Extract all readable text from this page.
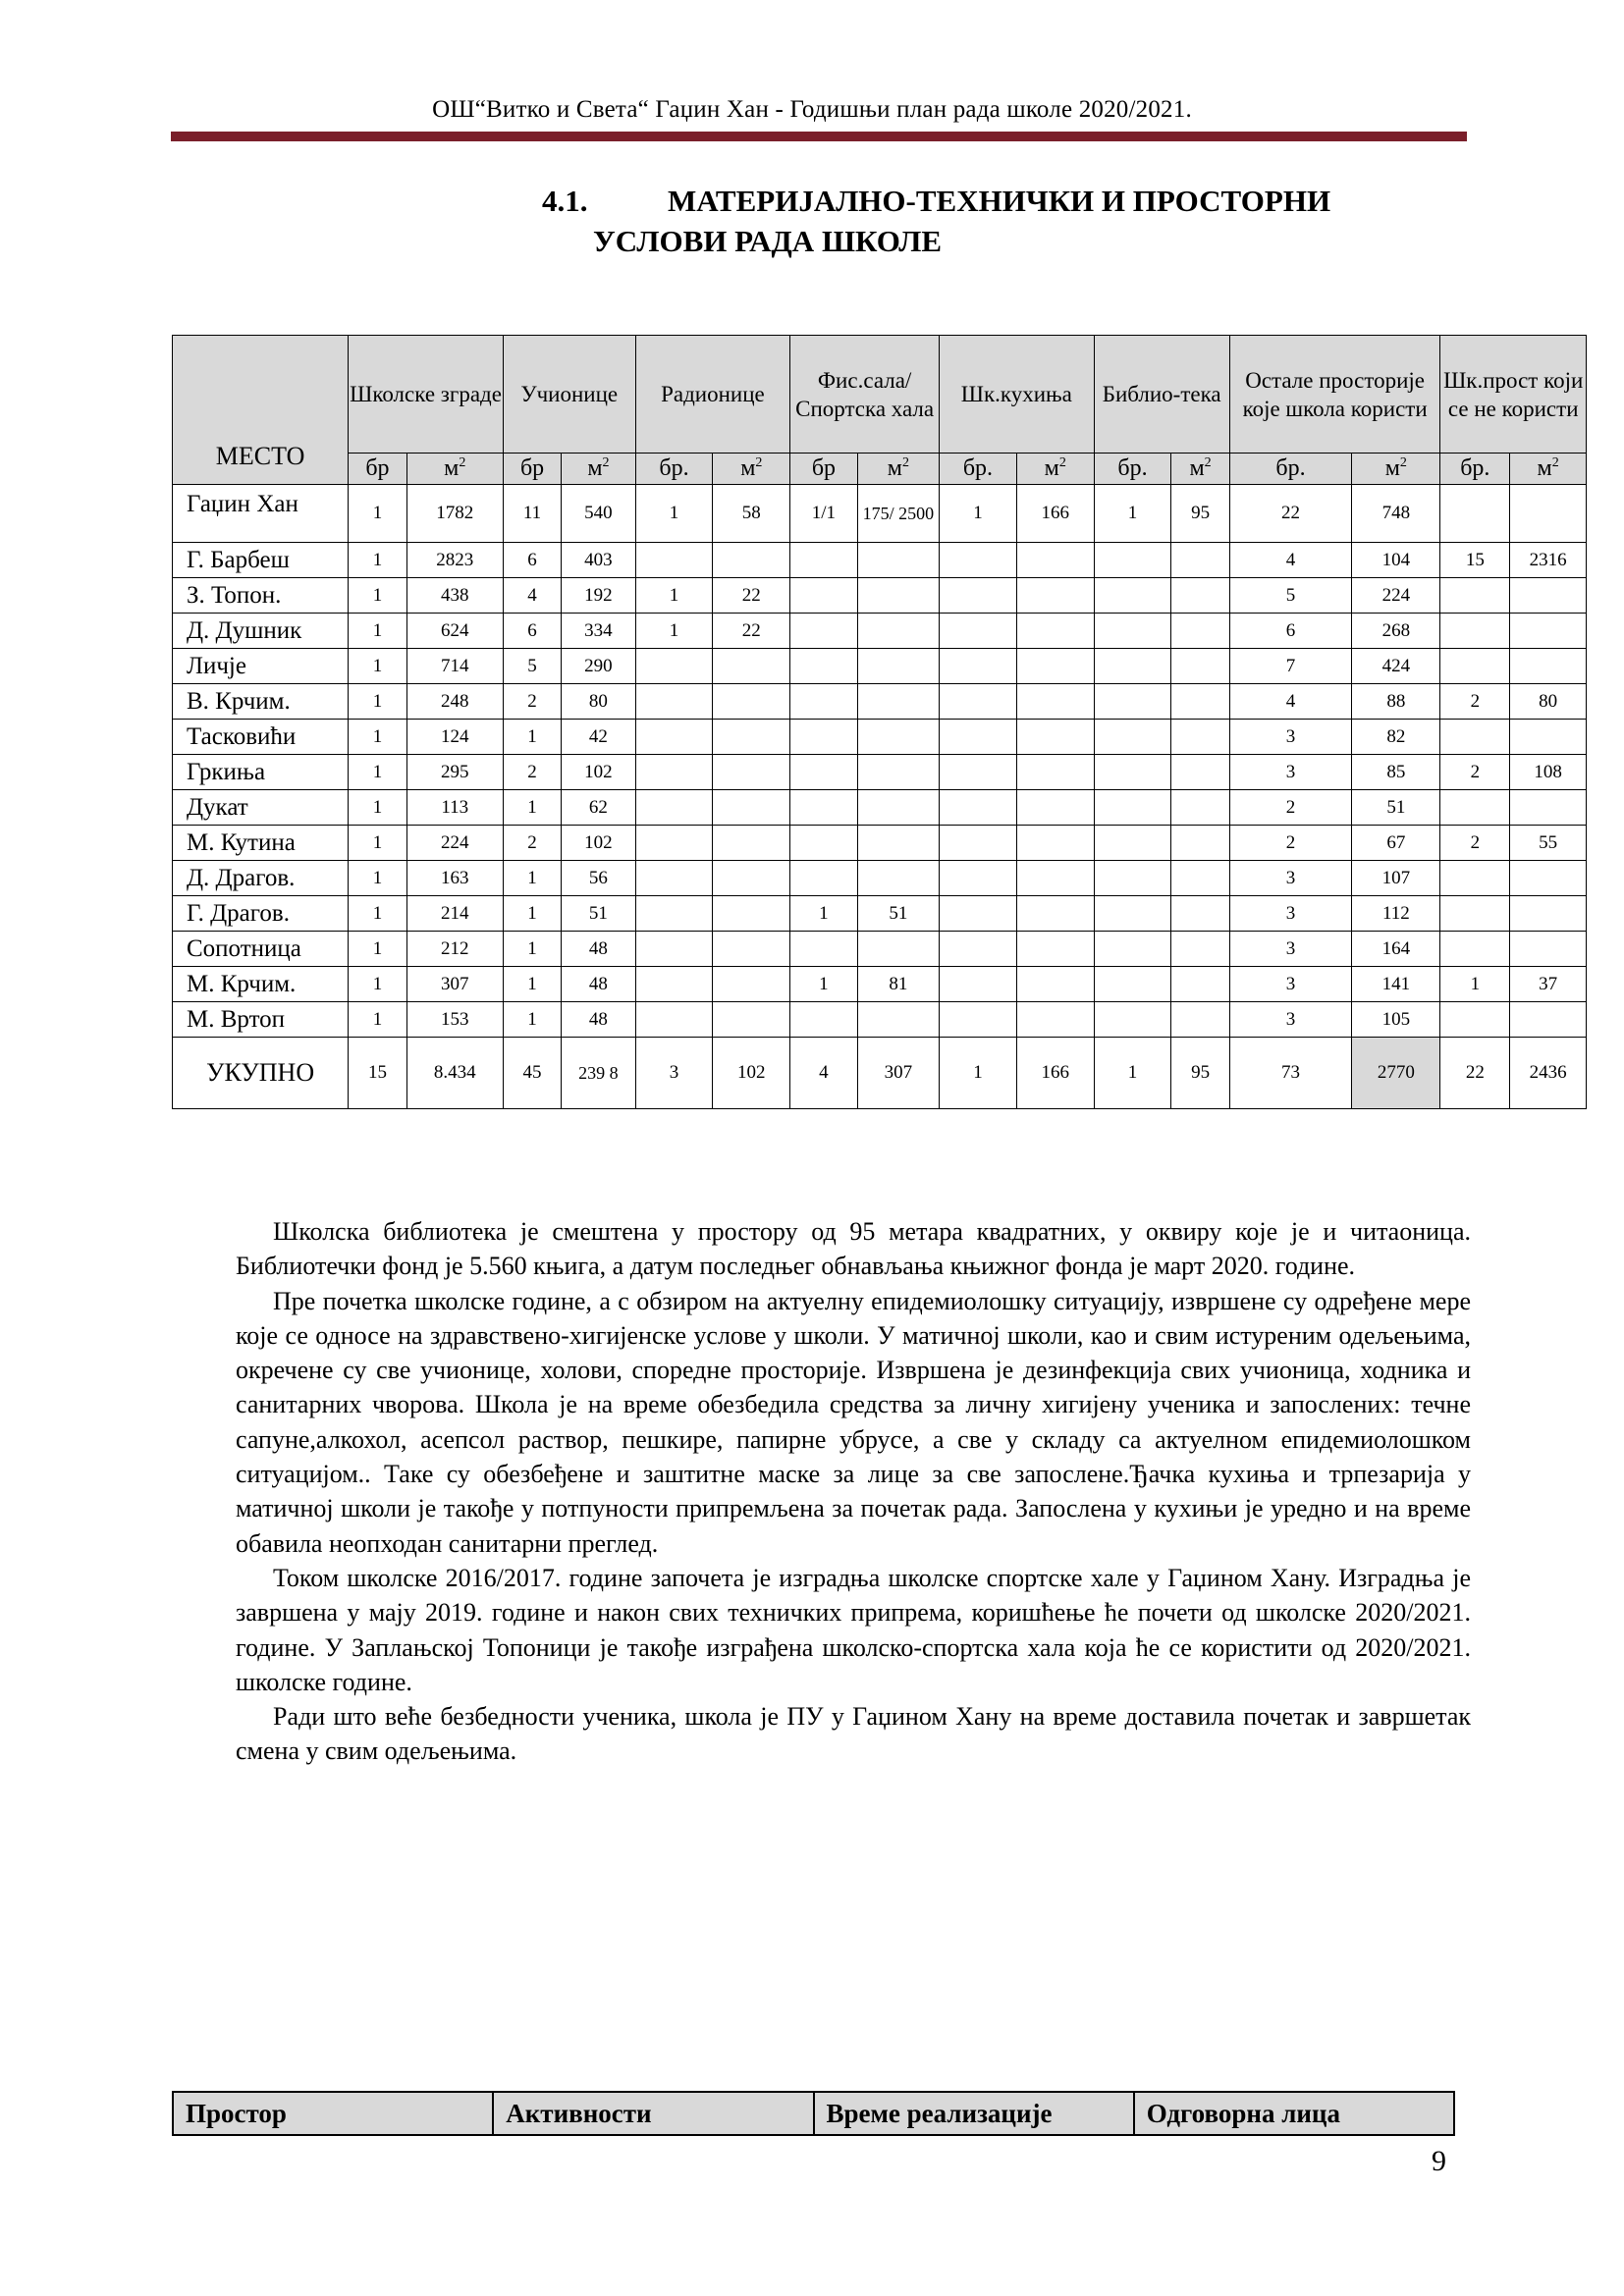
ОШ“Витко и Света“ Гаџин Хан - Годишњи план рада школе 2020/2021.
4.1.	МАТЕРИЈАЛНО-ТЕХНИЧКИ И ПРОСТОРНИ
УСЛОВИ РАДА ШКОЛЕ
МЕСТО	Школске зграде		Учионице		Радионице		Фис.сала/ Спортска хала		Шк.кухиња		Библио-тека		Остале просторије које школа користи		Шк.прост који се не користи	
	бр	$м^2$	бр	$м^2$	бр.	$м^2$	бр	$м^2$	бр.	$м^2$	бр.	$м^2$	бр.	$м^2$	бр.	$м^2$
Гаџин Хан	1	1782	11	540	1	58	1/1	175/ 2500	1	166	1	95	22	748		
Г. Барбеш	1	2823	6	403									4	104	15	2316
З. Топон.	1	438	4	192	1	22							5	224		
Д. Душник	1	624	6	334	1	22							6	268		
Личје	1	714	5	290									7	424		
В. Крчим.	1	248	2	80									4	88	2	80
Тасковићи	1	124	1	42									3	82		
Гркиња	1	295	2	102									3	85	2	108
Дукат	1	113	1	62									2	51		
М. Кутина	1	224	2	102									2	67	2	55
Д. Драгов.	1	163	1	56									3	107		
Г. Драгов.	1	214	1	51			1	51					3	112		
Сопотница	1	212	1	48									3	164		
М. Крчим.	1	307	1	48			1	81					3	141	1	37
М. Вртоп	1	153	1	48									3	105		
УКУПНО	15	8.434	45	239 8	3	102	4	307	1	166	1	95	73	2770	22	2436

Школска библиотека је смештена у простору од 95 метара квадратних, у оквиру које је и читаоница. Библиотечки фонд је 5.560 књига, а датум последњег обнављања књижног фонда је март 2020. године.

Пре почетка школске године, а с обзиром на актуелну епидемиолошку ситуацију, извршене су одређене мере које се односе на здравствено-хигијенске услове у школи. У матичној школи, као и свим истуреним одељењима, окречене су све учионице, холови, споредне просторије. Извршена је дезинфекција свих учионица, ходника и санитарних чворова. Школа је на време обезбедила средства за личну хигијену ученика и запослених: течне сапуне,алкохол, асепсол раствор, пешкире, папирне убрусе, а све у складу са актуелном епидемиолошком ситуацијом.. Таке су обезбеђене и заштитне маске за лице за све запослене.Ђачка кухиња и трпезарија у матичној школи је такође у потпуности припремљена за почетак рада. Запослена у кухињи је уредно и на време обавила неопходан санитарни преглед.

Током школске 2016/2017. године започета је изградња школске спортске хале у Гаџином Хану. Изградња је завршена у мају 2019. године и након свих техничких припрема, коришћење ће почети од школске 2020/2021. године. У Заплањској Топоници је такође изграђена школско-спортска хала која ће се користити од 2020/2021. школске године.

Ради што веће безбедности ученика, школа је ПУ у Гаџином Хану на време доставила почетак и завршетак смена у свим одељењима.

Простор	Активности	Време реализације	Одговорна лица
9
